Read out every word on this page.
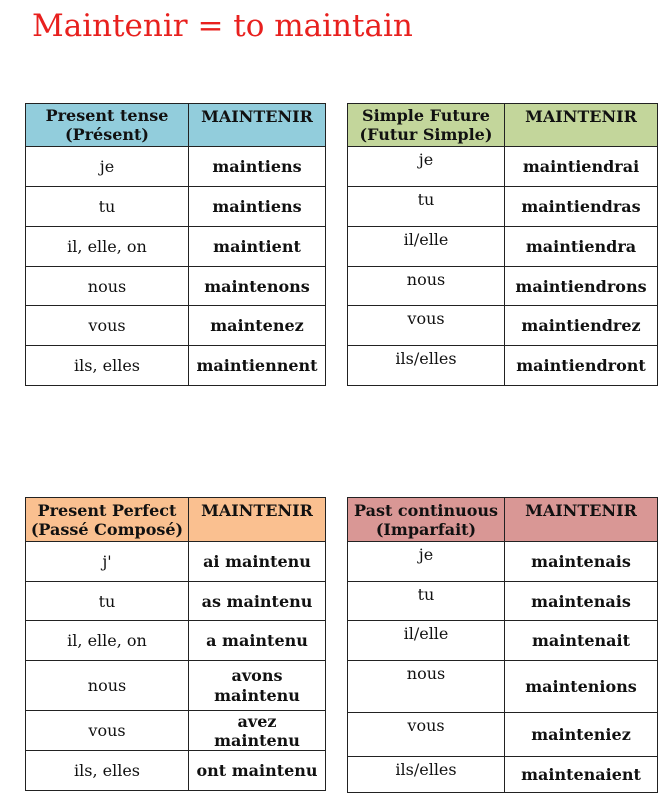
Maintenir = to maintain
Present tense
(Présent)	MAINTENIR
je	maintiens
tu	maintiens
il, elle, on	maintient
nous	maintenons
vous	maintenez
ils, elles	maintiennent
Simple Future
(Futur Simple)	MAINTENIR
je	maintiendrai
tu	maintiendras
il/elle	maintiendra
nous	maintiendrons
vous	maintiendrez
ils/elles	maintiendront
Present Perfect
(Passé Composé)	MAINTENIR
j'	ai maintenu
tu	as maintenu
il, elle, on	a maintenu
nous	avons maintenu
vous	avez maintenu
ils, elles	ont maintenu
Past continuous
(Imparfait)	MAINTENIR
je	maintenais
tu	maintenais
il/elle	maintenait
nous	maintenions
vous	mainteniez
ils/elles	maintenaient
